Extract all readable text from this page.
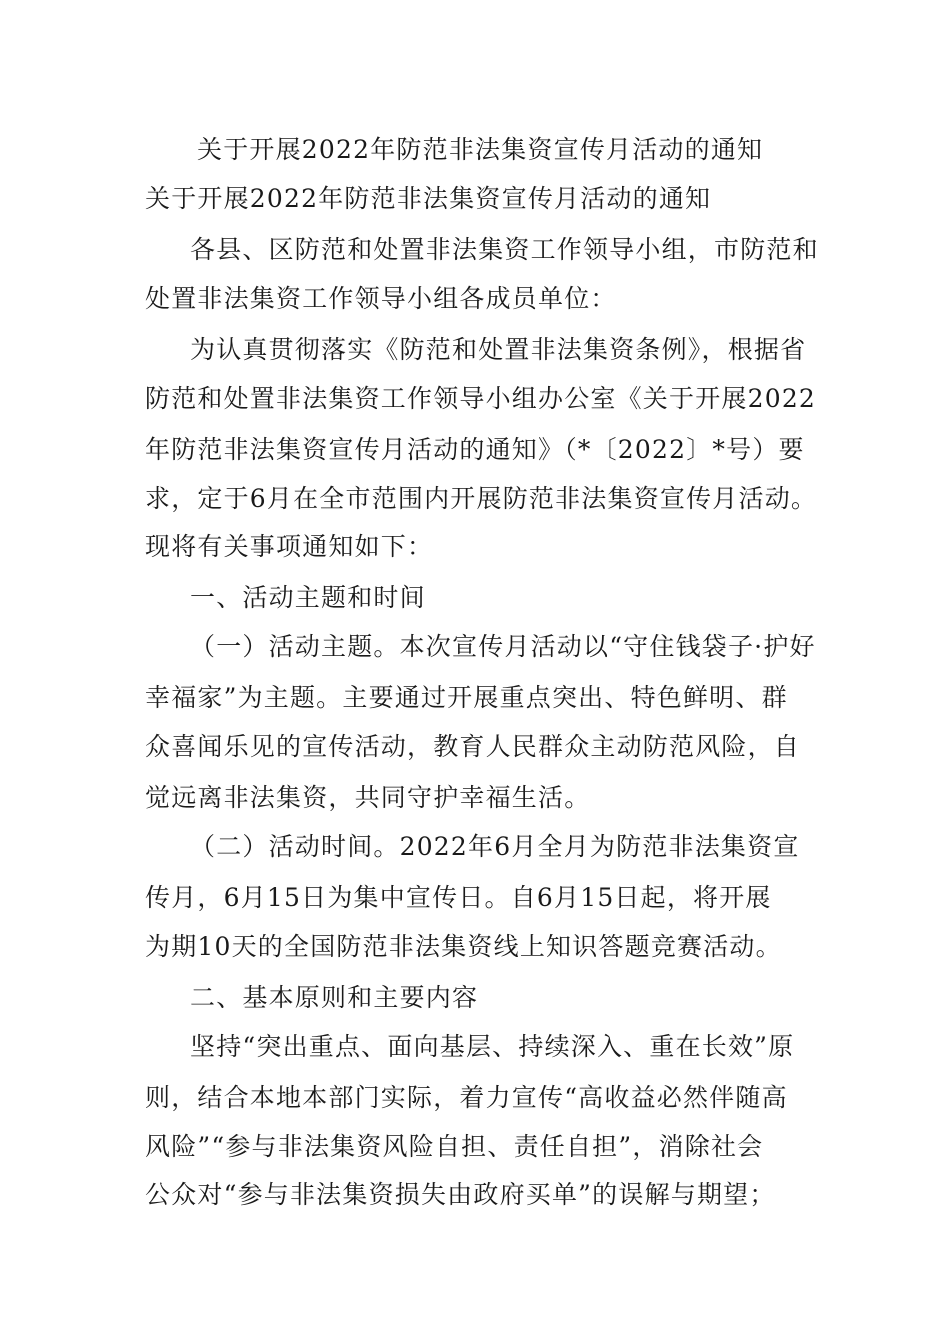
关于开展2022年防范非法集资宣传月活动的通知
关于开展2022年防范非法集资宣传月活动的通知
各县、区防范和处置非法集资工作领导小组，市防范和
处置非法集资工作领导小组各成员单位：
为认真贯彻落实《防范和处置非法集资条例》，根据省
防范和处置非法集资工作领导小组办公室《关于开展2022
年防范非法集资宣传月活动的通知》（*〔2022〕*号）要
求，定于6月在全市范围内开展防范非法集资宣传月活动。
现将有关事项通知如下：
一、活动主题和时间
（一）活动主题。本次宣传月活动以“守住钱袋子·护好
幸福家”为主题。主要通过开展重点突出、特色鲜明、群
众喜闻乐见的宣传活动，教育人民群众主动防范风险，自
觉远离非法集资，共同守护幸福生活。
（二）活动时间。2022年6月全月为防范非法集资宣
传月，6月15日为集中宣传日。自6月15日起，将开展
为期10天的全国防范非法集资线上知识答题竞赛活动。
二、基本原则和主要内容
坚持“突出重点、面向基层、持续深入、重在长效”原
则，结合本地本部门实际，着力宣传“高收益必然伴随高
风险”“参与非法集资风险自担、责任自担”，消除社会
公众对“参与非法集资损失由政府买单”的误解与期望；
